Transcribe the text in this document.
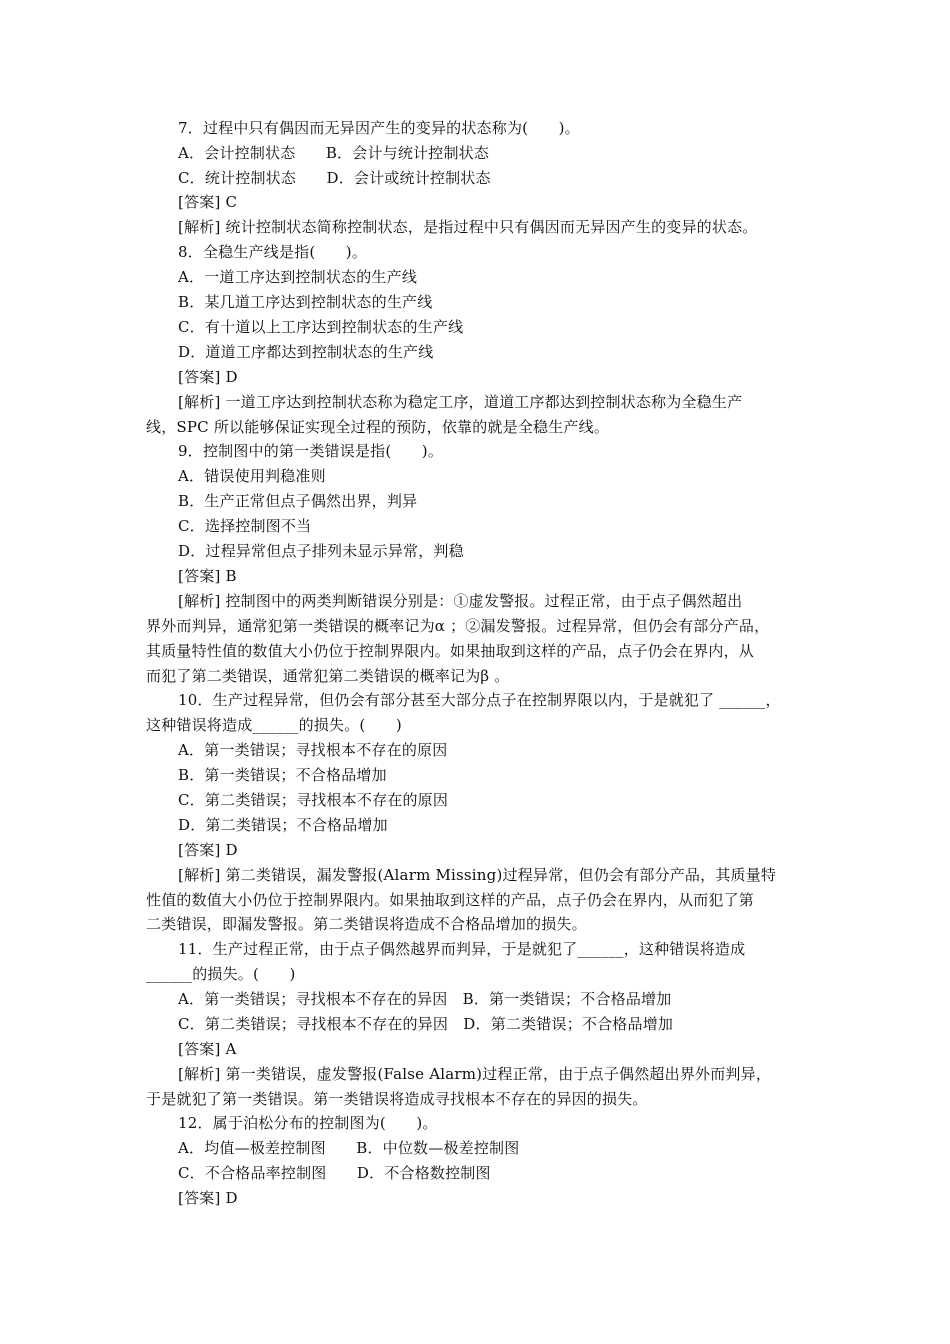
7．过程中只有偶因而无异因产生的变异的状态称为(　　)。
A．会计控制状态　　B．会计与统计控制状态
C．统计控制状态　　D．会计或统计控制状态
[答案] C
[解析] 统计控制状态简称控制状态，是指过程中只有偶因而无异因产生的变异的状态。
8．全稳生产线是指(　　)。
A．一道工序达到控制状态的生产线
B．某几道工序达到控制状态的生产线
C．有十道以上工序达到控制状态的生产线
D．道道工序都达到控制状态的生产线
[答案] D
[解析] 一道工序达到控制状态称为稳定工序，道道工序都达到控制状态称为全稳生产
线，SPC 所以能够保证实现全过程的预防，依靠的就是全稳生产线。
9．控制图中的第一类错误是指(　　)。
A．错误使用判稳准则
B．生产正常但点子偶然出界，判异
C．选择控制图不当
D．过程异常但点子排列未显示异常，判稳
[答案] B
[解析] 控制图中的两类判断错误分别是：①虚发警报。过程正常，由于点子偶然超出
界外而判异，通常犯第一类错误的概率记为α ；②漏发警报。过程异常，但仍会有部分产品，
其质量特性值的数值大小仍位于控制界限内。如果抽取到这样的产品，点子仍会在界内，从
而犯了第二类错误，通常犯第二类错误的概率记为β 。
10．生产过程异常，但仍会有部分甚至大部分点子在控制界限以内，于是就犯了 ______，
这种错误将造成______的损失。(　　)
A．第一类错误；寻找根本不存在的原因
B．第一类错误；不合格品增加
C．第二类错误；寻找根本不存在的原因
D．第二类错误；不合格品增加
[答案] D
[解析] 第二类错误，漏发警报(Alarm Missing)过程异常，但仍会有部分产品，其质量特
性值的数值大小仍位于控制界限内。如果抽取到这样的产品，点子仍会在界内，从而犯了第
二类错误，即漏发警报。第二类错误将造成不合格品增加的损失。
11．生产过程正常，由于点子偶然越界而判异，于是就犯了______，这种错误将造成
______的损失。(　　)
A．第一类错误；寻找根本不存在的异因　B．第一类错误；不合格品增加
C．第二类错误；寻找根本不存在的异因　D．第二类错误；不合格品增加
[答案] A
[解析] 第一类错误，虚发警报(False Alarm)过程正常，由于点子偶然超出界外而判异，
于是就犯了第一类错误。第一类错误将造成寻找根本不存在的异因的损失。
12．属于泊松分布的控制图为(　　)。
A．均值—极差控制图　　B．中位数—极差控制图
C．不合格品率控制图　　D．不合格数控制图
[答案] D
